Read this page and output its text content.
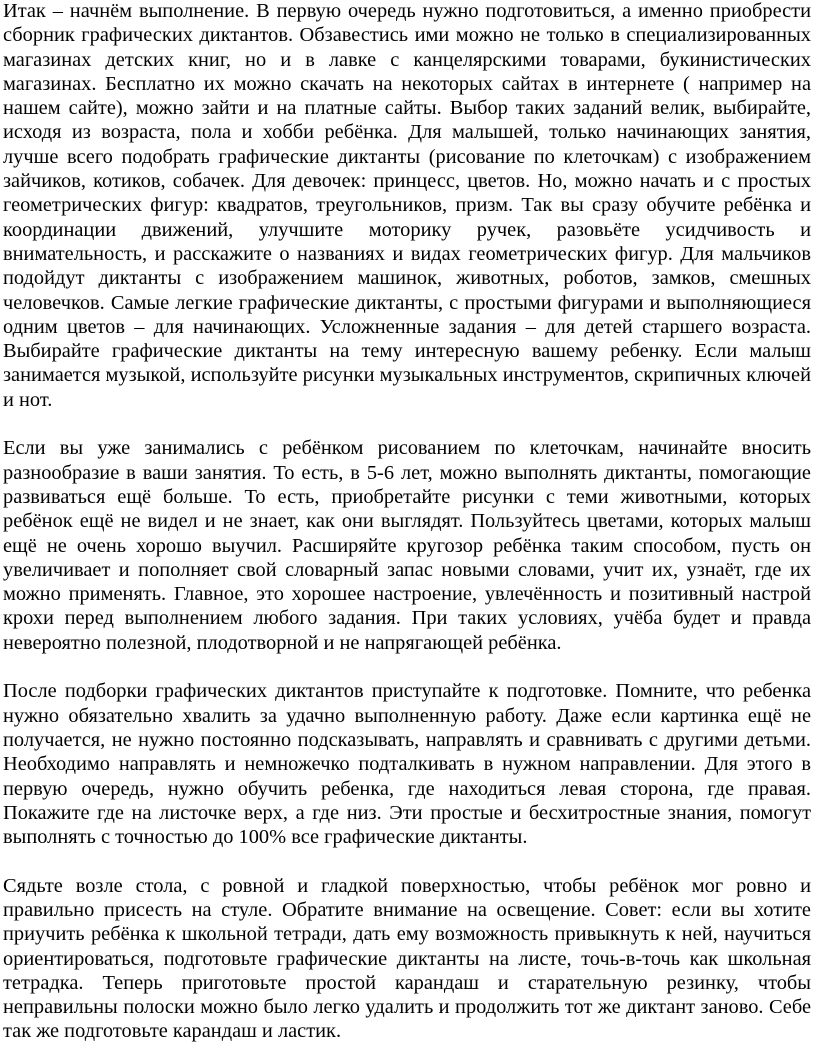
Итак – начнём выполнение. В первую очередь нужно подготовиться, а именно приобрести сборник графических диктантов. Обзавестись ими можно не только в специализированных магазинах детских книг, но и в лавке с канцелярскими товарами, букинистических магазинах. Бесплатно их можно скачать на некоторых сайтах в интернете ( например на нашем сайте), можно зайти и на платные сайты. Выбор таких заданий велик, выбирайте, исходя из возраста, пола и хобби ребёнка. Для малышей, только начинающих занятия, лучше всего подобрать графические диктанты (рисование по клеточкам) с изображением зайчиков, котиков, собачек. Для девочек: принцесс, цветов. Но, можно начать и с простых геометрических фигур: квадратов, треугольников, призм. Так вы сразу обучите ребёнка и координации движений, улучшите моторику ручек, разовьёте усидчивость и внимательность, и расскажите о названиях и видах геометрических фигур. Для мальчиков подойдут диктанты с изображением машинок, животных, роботов, замков, смешных человечков. Самые легкие графические диктанты, с простыми фигурами и выполняющиеся одним цветов – для начинающих. Усложненные задания – для детей старшего возраста. Выбирайте графические диктанты на тему интересную вашему ребенку. Если малыш занимается музыкой, используйте рисунки музыкальных инструментов, скрипичных ключей и нот.

Если вы уже занимались с ребёнком рисованием по клеточкам, начинайте вносить разнообразие в ваши занятия. То есть, в 5-6 лет, можно выполнять диктанты, помогающие развиваться ещё больше. То есть, приобретайте рисунки с теми животными, которых ребёнок ещё не видел и не знает, как они выглядят. Пользуйтесь цветами, которых малыш ещё не очень хорошо выучил. Расширяйте кругозор ребёнка таким способом, пусть он увеличивает и пополняет свой словарный запас новыми словами, учит их, узнаёт, где их можно применять. Главное, это хорошее настроение, увлечённость и позитивный настрой крохи перед выполнением любого задания. При таких условиях, учёба будет и правда невероятно полезной, плодотворной и не напрягающей ребёнка.

После подборки графических диктантов приступайте к подготовке. Помните, что ребенка нужно обязательно хвалить за удачно выполненную работу. Даже если картинка ещё не получается, не нужно постоянно подсказывать, направлять и сравнивать с другими детьми. Необходимо направлять и немножечко подталкивать в нужном направлении. Для этого в первую очередь, нужно обучить ребенка, где находиться левая сторона, где правая. Покажите где на листочке верх, а где низ. Эти простые и бесхитростные знания, помогут выполнять с точностью до 100% все графические диктанты.

Сядьте возле стола, с ровной и гладкой поверхностью, чтобы ребёнок мог ровно и правильно присесть на стуле. Обратите внимание на освещение. Совет: если вы хотите приучить ребёнка к школьной тетради, дать ему возможность привыкнуть к ней, научиться ориентироваться, подготовьте графические диктанты на листе, точь-в-точь как школьная тетрадка. Теперь приготовьте простой карандаш и старательную резинку, чтобы неправильны полоски можно было легко удалить и продолжить тот же диктант заново. Себе так же подготовьте карандаш и ластик.
